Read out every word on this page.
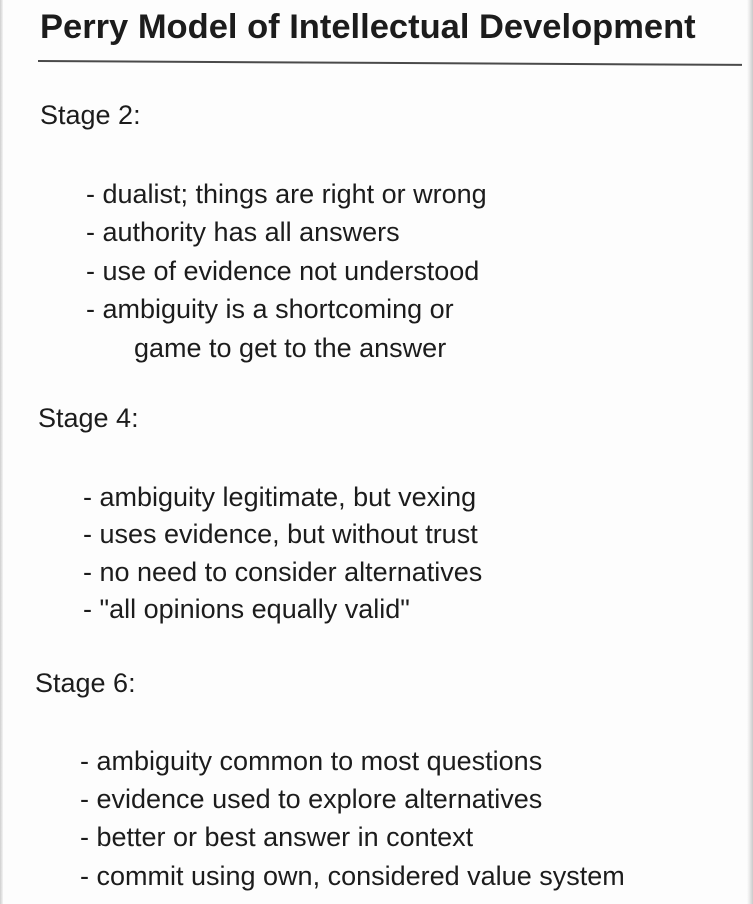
Perry Model of Intellectual Development
Stage 2:

- dualist; things are right or wrong

- authority has all answers

- use of evidence not understood

- ambiguity is a shortcoming or

game to get to the answer

Stage 4:

- ambiguity legitimate, but vexing

- uses evidence, but without trust

- no need to consider alternatives

- "all opinions equally valid"

Stage 6:

- ambiguity common to most questions

- evidence used to explore alternatives

- better or best answer in context

- commit using own, considered value system
